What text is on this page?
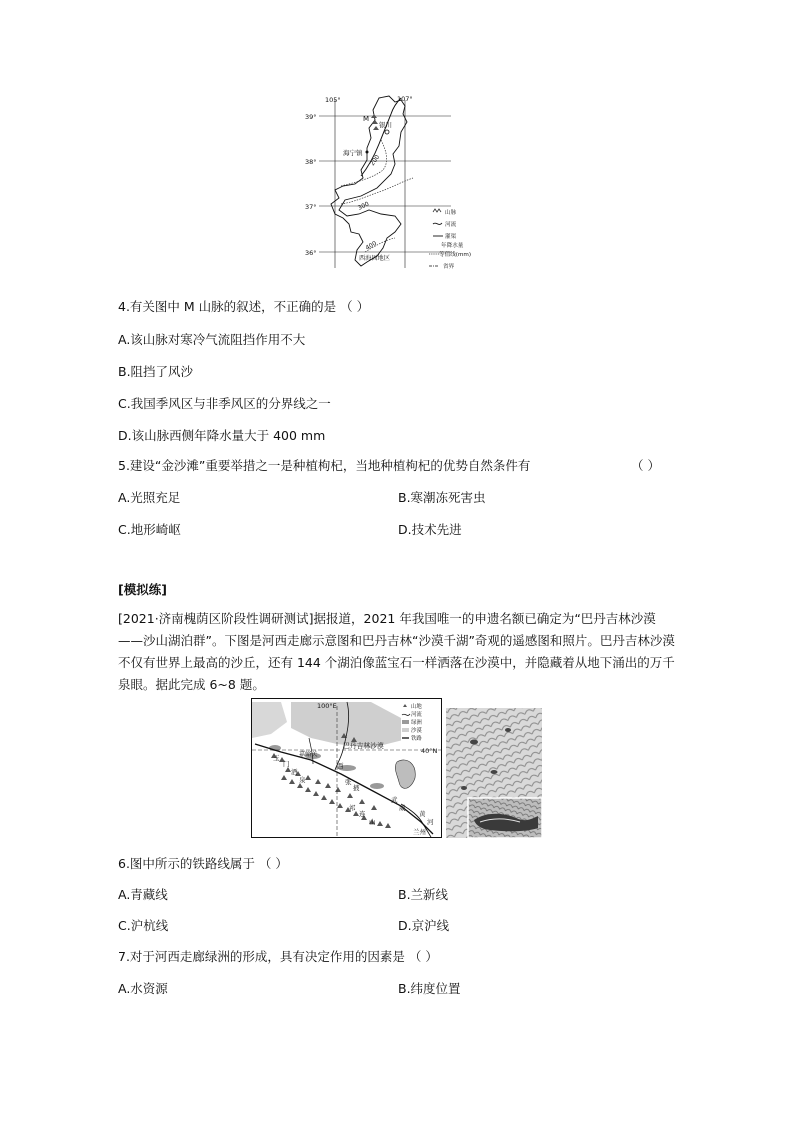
105°	107°
39°
38°
37°
36°
M
银川
200
300
400
海宁镇
西海固地区
山脉
河流
灌渠
年降水量
等值线(mm)
省界
4.有关图中 M 山脉的叙述，不正确的是 （ ）
A.该山脉对寒冷气流阻挡作用不大
B.阻挡了风沙
C.我国季风区与非季风区的分界线之一
D.该山脉西侧年降水量大于 400 mm
5.建设“金沙滩”重要举措之一是种植枸杞，当地种植枸杞的优势自然条件有	（ ）
A.光照充足	B.寒潮冻死害虫
C.地形崎岖	D.技术先进
[模拟练]
[2021·济南槐荫区阶段性调研测试]据报道，2021 年我国唯一的申遗名额已确定为“巴丹吉林沙漠——沙山湖泊群”。下图是河西走廊示意图和巴丹吉林“沙漠千湖”奇观的遥感图和照片。巴丹吉林沙漠不仅有世界上最高的沙丘，还有 144 个湖泊像蓝宝石一样洒落在沙漠中，并隐藏着从地下涌出的万千泉眼。据此完成 6~8 题。
100°E
40°N
巴丹吉林沙漠
嘉峪关
玉
门
酒
泉	张
掖
武
威
兰州
西
祁
连
山
黄
河
山地
河流
绿洲
沙漠
铁路
6.图中所示的铁路线属于 （ ）
A.青藏线	B.兰新线
C.沪杭线	D.京沪线
7.对于河西走廊绿洲的形成，具有决定作用的因素是 （ ）
A.水资源	B.纬度位置
